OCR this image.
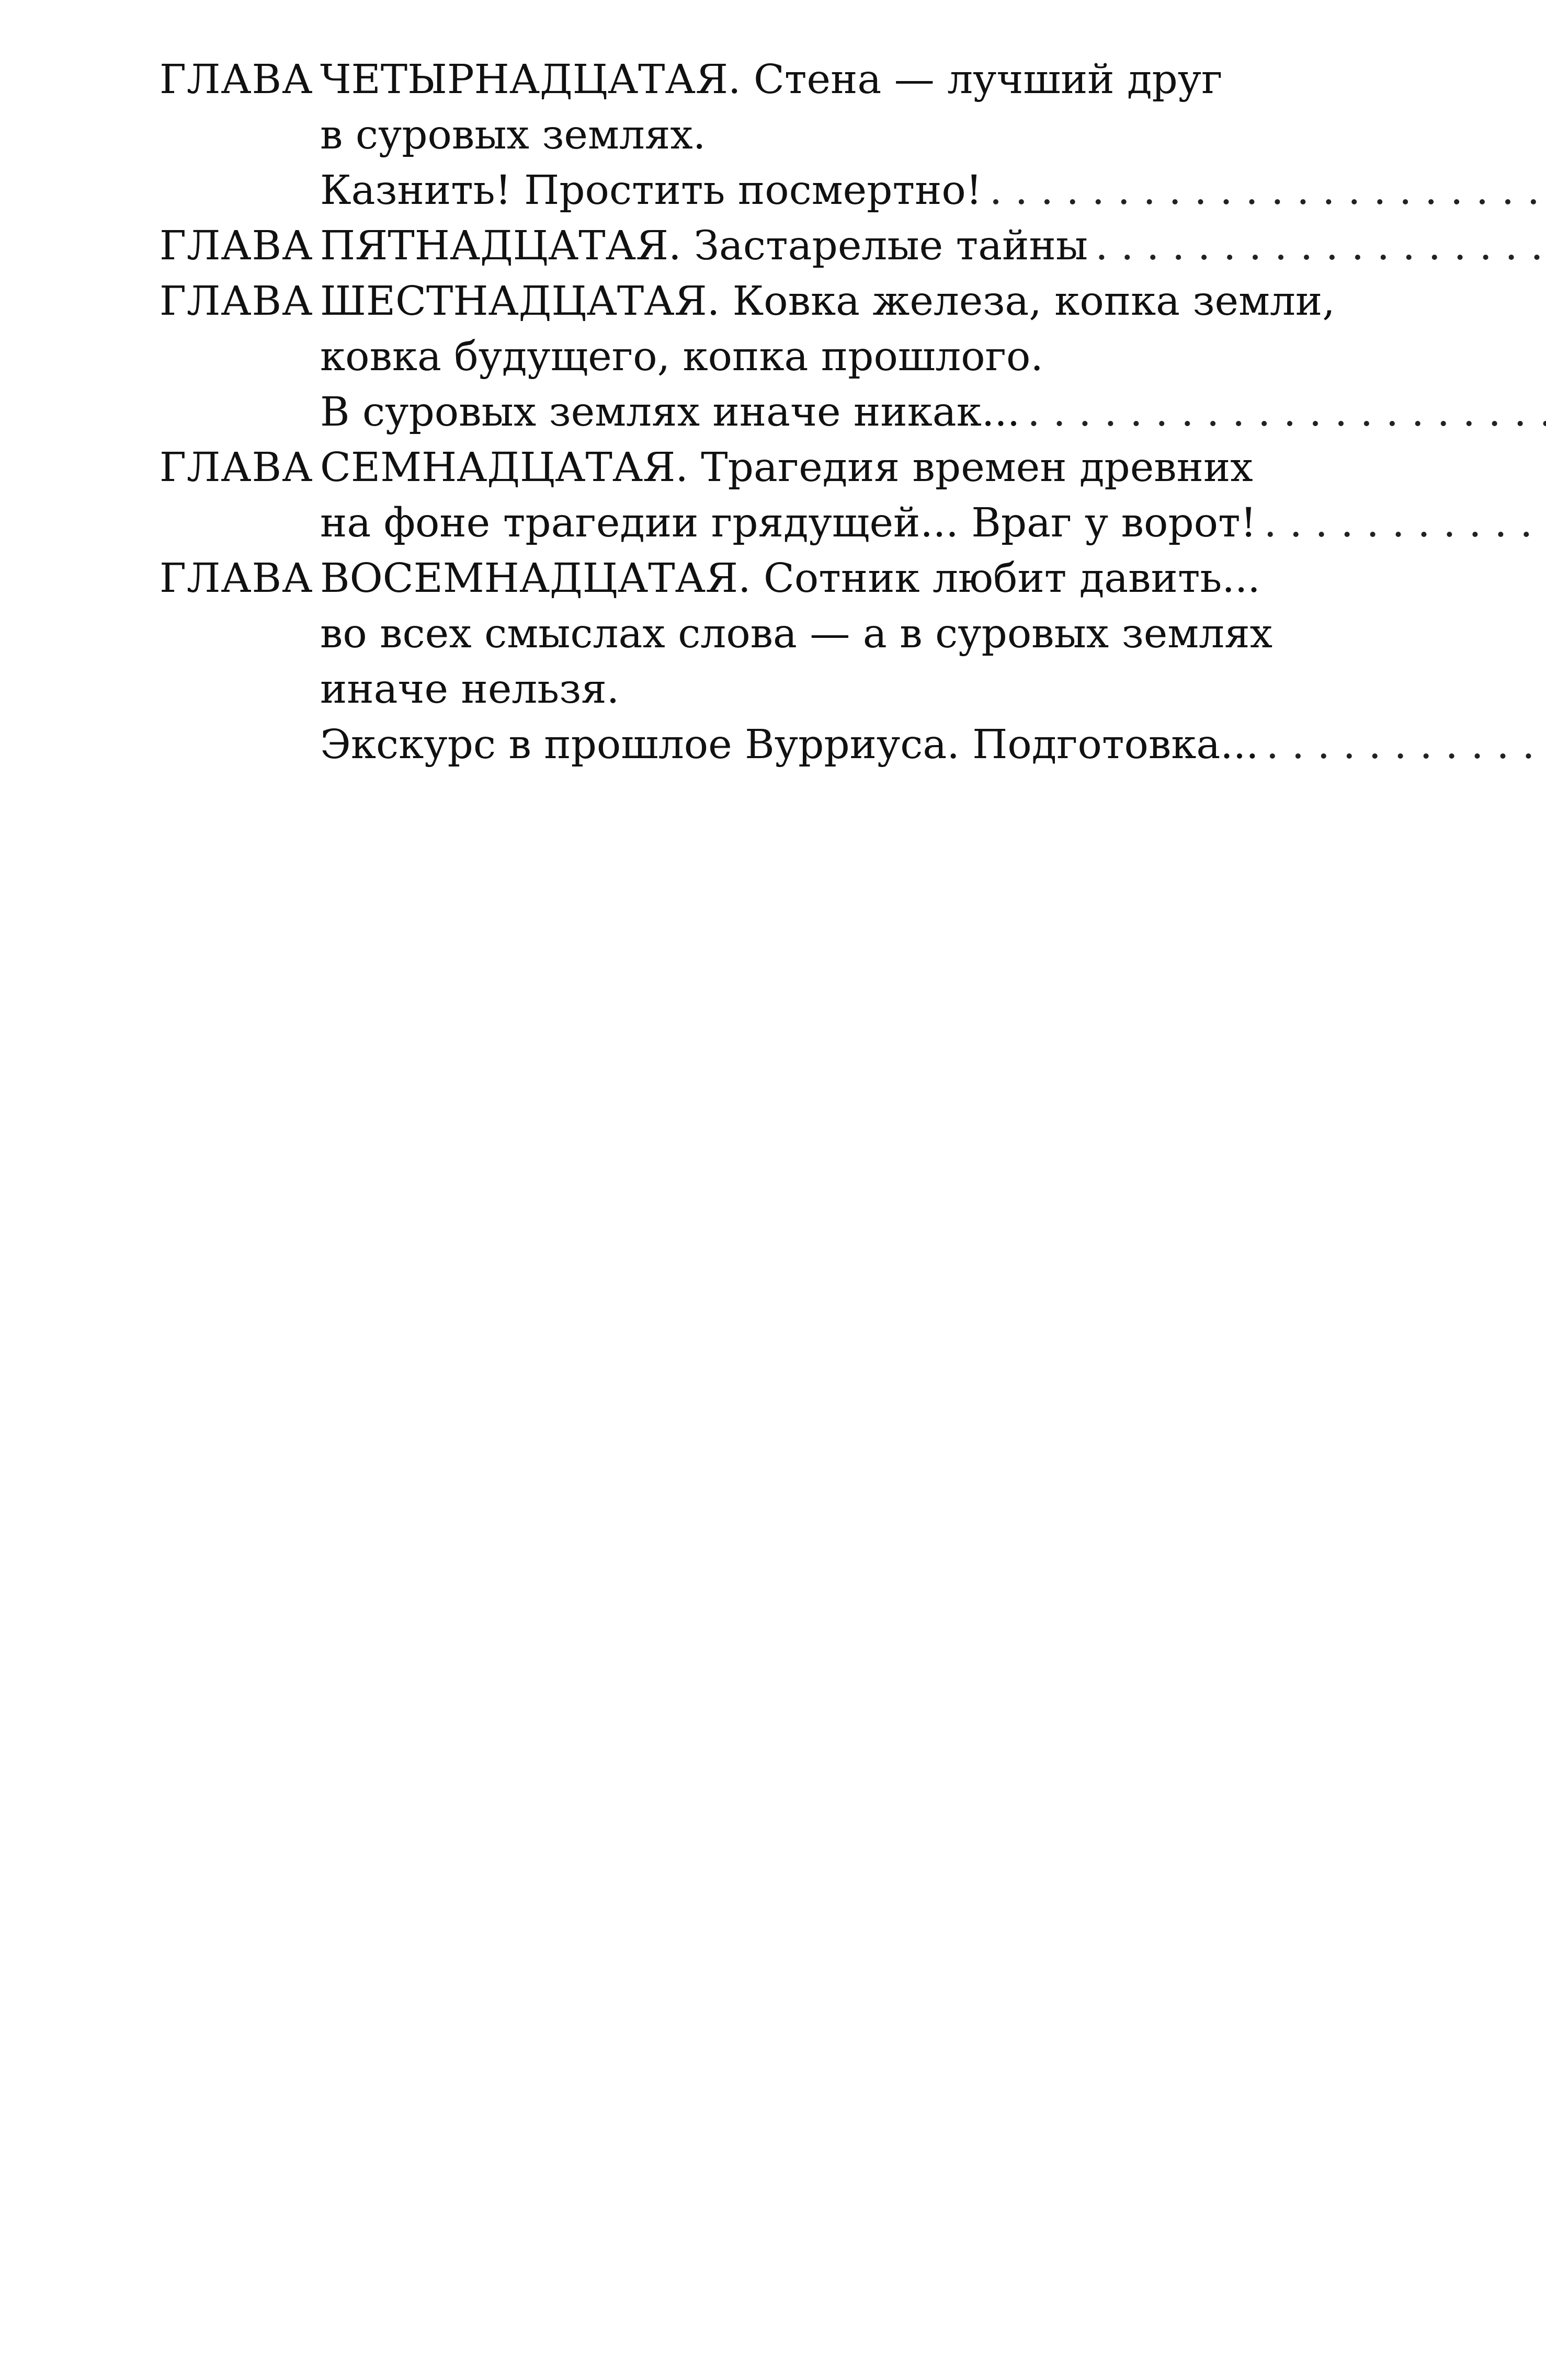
ГЛАВА ЧЕТЫРНАДЦАТАЯ. Стена — лучший друг
в суровых землях.
Казнить! Простить посмертно!
. . .
ГЛАВА ПЯТНАДЦАТАЯ. Застарелые тайны
. . .
ГЛАВА ШЕСТНАДЦАТАЯ. Ковка железа, копка земли,
ковка будущего, копка прошлого.
В суровых землях иначе никак...
. . .
ГЛАВА СЕМНАДЦАТАЯ. Трагедия времен древних
на фоне трагедии грядущей... Враг у ворот!
. . .
ГЛАВА ВОСЕМНАДЦАТАЯ. Сотник любит давить...
во всех смыслах слова — а в суровых землях
иначе нельзя.
Экскурс в прошлое Вурриуса. Подготовка...
. . .
